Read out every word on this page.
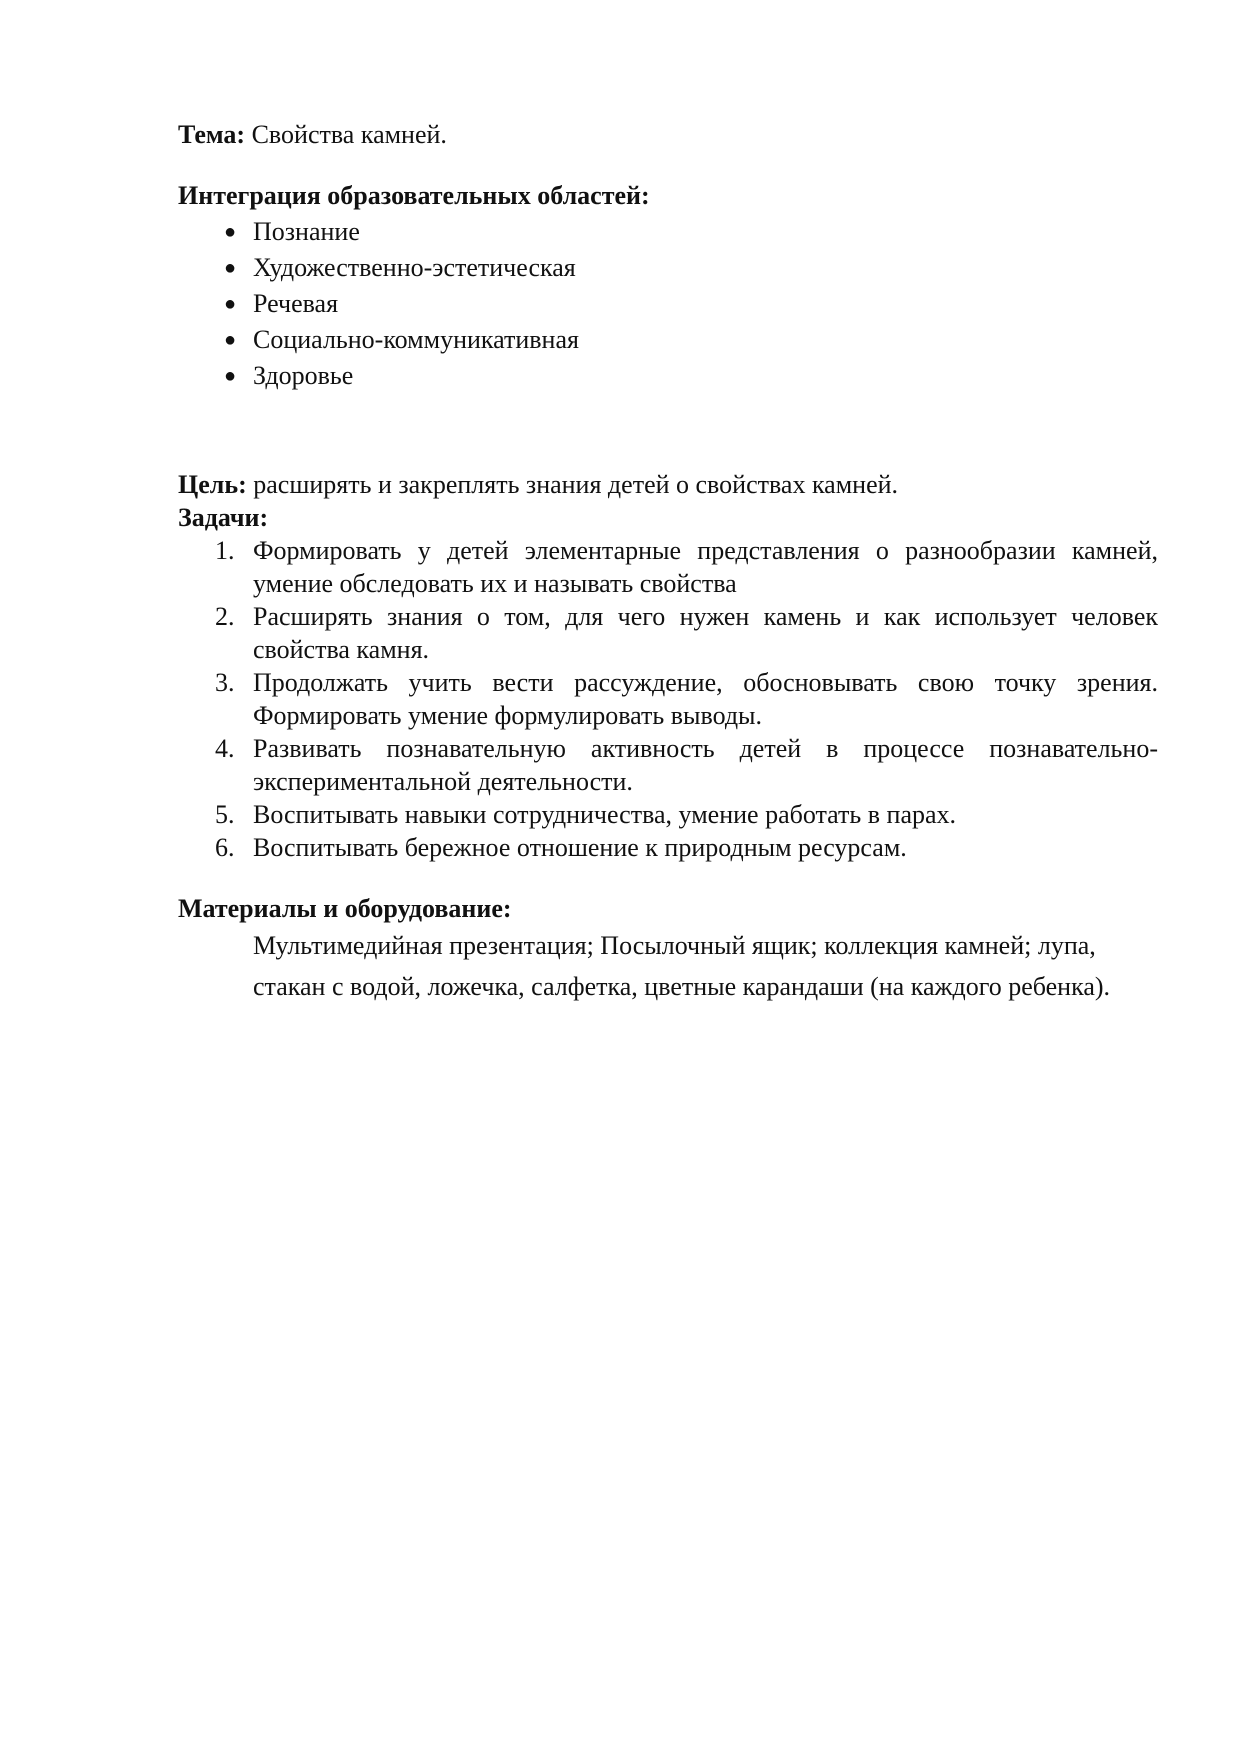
Тема: Свойства камней.

Интеграция образовательных областей:

● Познание
● Художественно-эстетическая
● Речевая
● Социально-коммуникативная
● Здоровье

Цель: расширять и закреплять знания детей о свойствах камней.

Задачи:

1. Формировать у детей элементарные представления о разнообразии камней, умение обследовать их и называть свойства
2. Расширять знания о том, для чего нужен камень и как использует человек свойства камня.
3. Продолжать учить вести рассуждение, обосновывать свою точку зрения. Формировать умение формулировать выводы.
4. Развивать познавательную активность детей в процессе познавательно-экспериментальной деятельности.
5. Воспитывать навыки сотрудничества, умение работать в парах.
6. Воспитывать бережное отношение к природным ресурсам.

Материалы и оборудование:

Мультимедийная презентация; Посылочный ящик; коллекция камней; лупа, стакан с водой, ложечка, салфетка, цветные карандаши (на каждого ребенка).
